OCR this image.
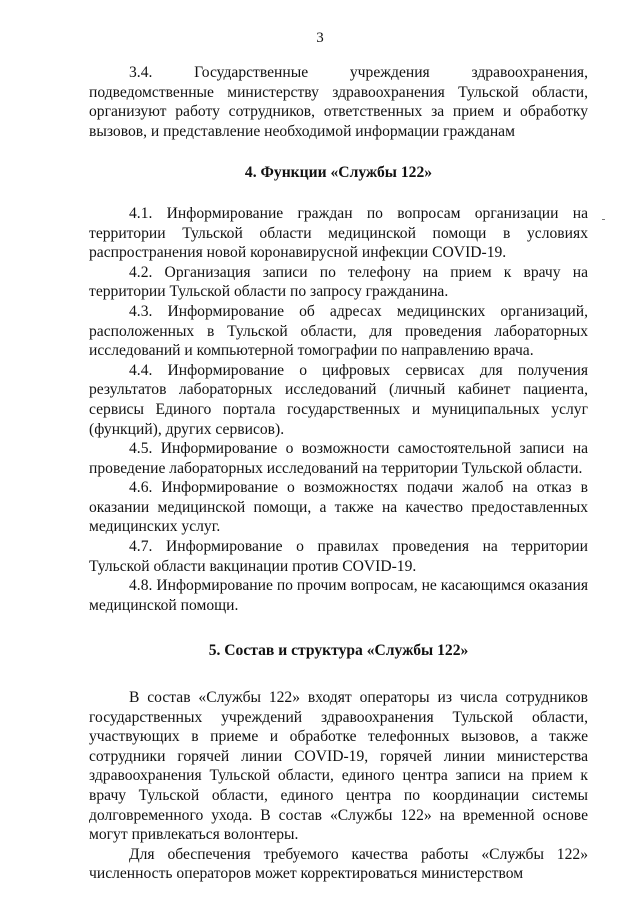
3

3.4. Государственные учреждения здравоохранения, подведомственные министерству здравоохранения Тульской области, организуют работу сотрудников, ответственных за прием и обработку вызовов, и представление необходимой информации гражданам

4. Функции «Службы 122»

4.1. Информирование граждан по вопросам организации на территории Тульской области медицинской помощи в условиях распространения новой коронавирусной инфекции COVID-19.

4.2. Организация записи по телефону на прием к врачу на территории Тульской области по запросу гражданина.

4.3. Информирование об адресах медицинских организаций, расположенных в Тульской области, для проведения лабораторных исследований и компьютерной томографии по направлению врача.

4.4. Информирование о цифровых сервисах для получения результатов лабораторных исследований (личный кабинет пациента, сервисы Единого портала государственных и муниципальных услуг (функций), других сервисов).

4.5. Информирование о возможности самостоятельной записи на проведение лабораторных исследований на территории Тульской области.

4.6. Информирование о возможностях подачи жалоб на отказ в оказании медицинской помощи, а также на качество предоставленных медицинских услуг.

4.7. Информирование о правилах проведения на территории Тульской области вакцинации против COVID-19.

4.8. Информирование по прочим вопросам, не касающимся оказания медицинской помощи.

5. Состав и структура «Службы 122»

В состав «Службы 122» входят операторы из числа сотрудников государственных учреждений здравоохранения Тульской области, участвующих в приеме и обработке телефонных вызовов, а также сотрудники горячей линии COVID-19, горячей линии министерства здравоохранения Тульской области, единого центра записи на прием к врачу Тульской области, единого центра по координации системы долговременного ухода. В состав «Службы 122» на временной основе могут привлекаться волонтеры.

Для обеспечения требуемого качества работы «Службы 122» численность операторов может корректироваться министерством
